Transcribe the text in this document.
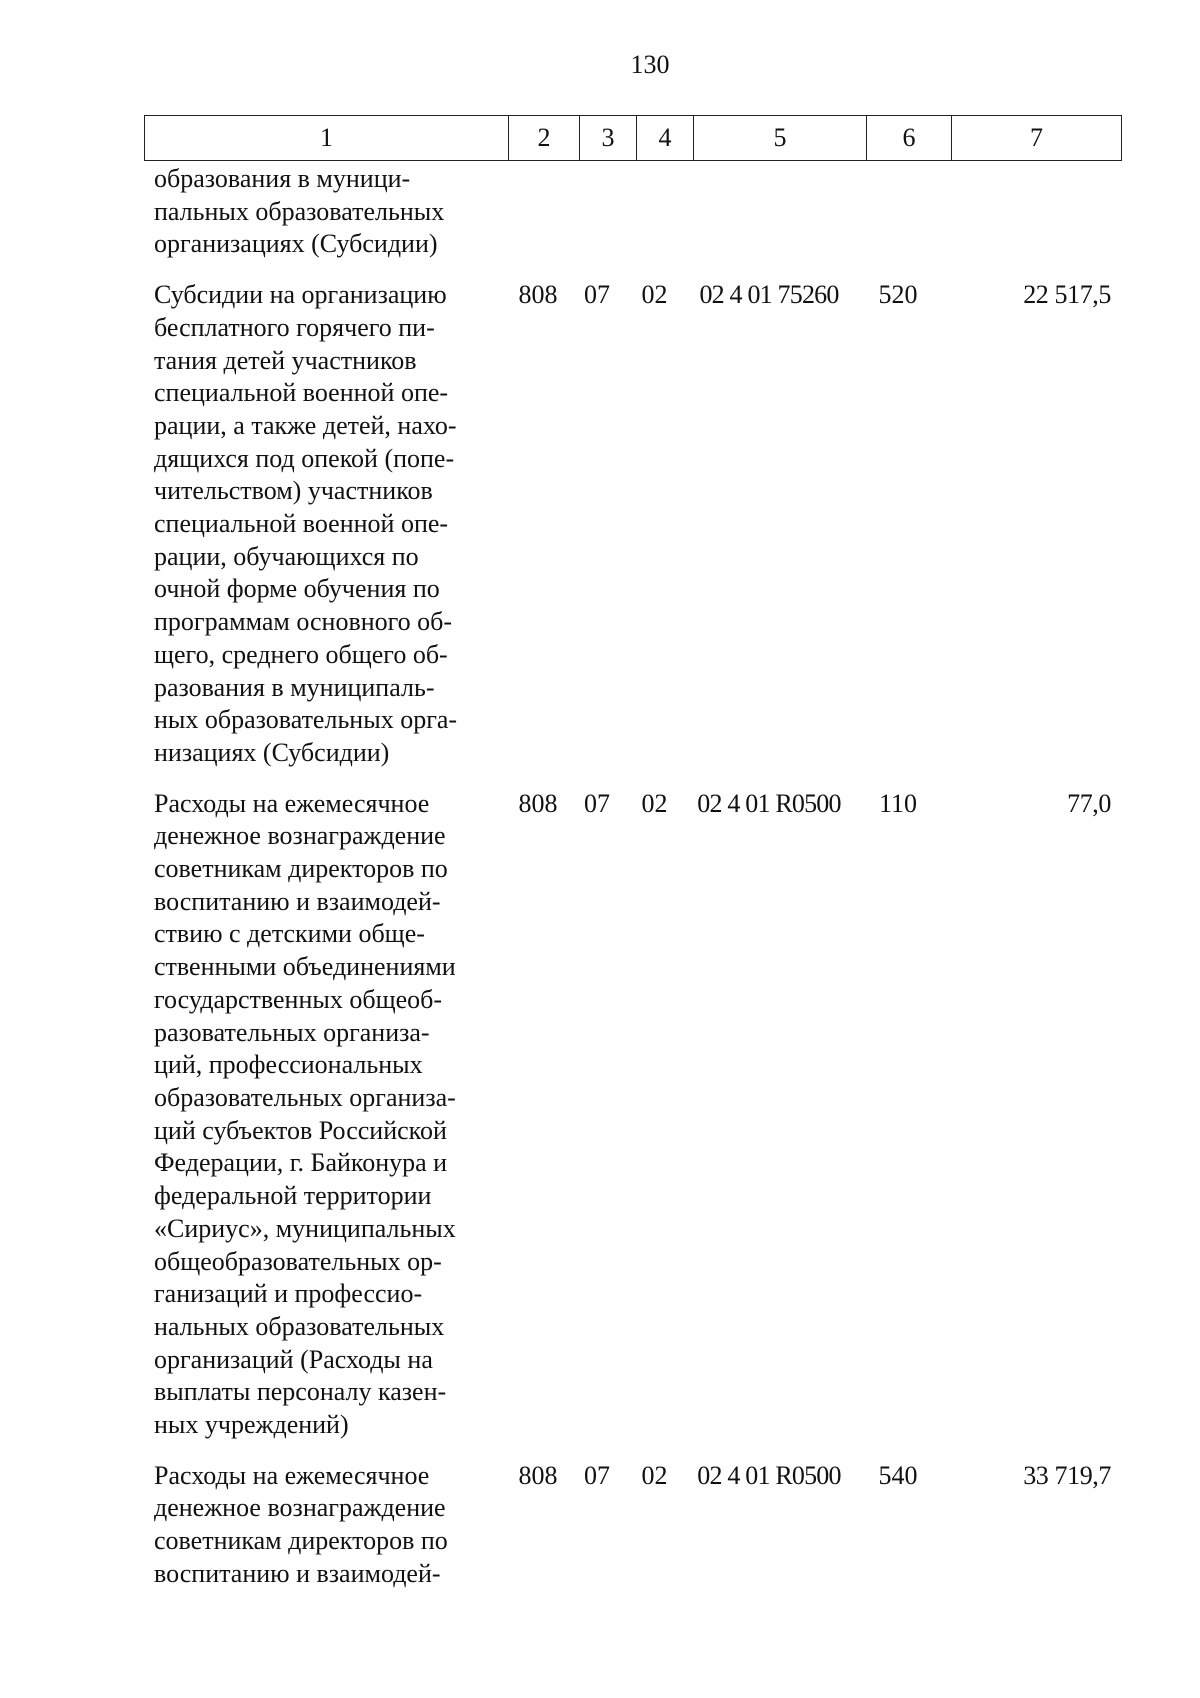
130
1	2	3	4	5	6	7
образования в муници-
пальных образовательных
организациях (Субсидии)
Субсидии на организацию
бесплатного горячего пи-
тания детей участников
специальной военной опе-
рации, а также детей, нахо-
дящихся под опекой (попе-
чительством) участников
специальной военной опе-
рации, обучающихся по
очной форме обучения по
программам основного об-
щего, среднего общего об-
разования в муниципаль-
ных образовательных орга-
низациях (Субсидии)
808	07	02	02 4 01 75260	520	22 517,5
Расходы на ежемесячное
денежное вознаграждение
советникам директоров по
воспитанию и взаимодей-
ствию с детскими обще-
ственными объединениями
государственных общеоб-
разовательных организа-
ций, профессиональных
образовательных организа-
ций субъектов Российской
Федерации, г. Байконура и
федеральной территории
«Сириус», муниципальных
общеобразовательных ор-
ганизаций и профессио-
нальных образовательных
организаций (Расходы на
выплаты персоналу казен-
ных учреждений)
808	07	02	02 4 01 R0500	110	77,0
Расходы на ежемесячное
денежное вознаграждение
советникам директоров по
воспитанию и взаимодей-
808	07	02	02 4 01 R0500	540	33 719,7
